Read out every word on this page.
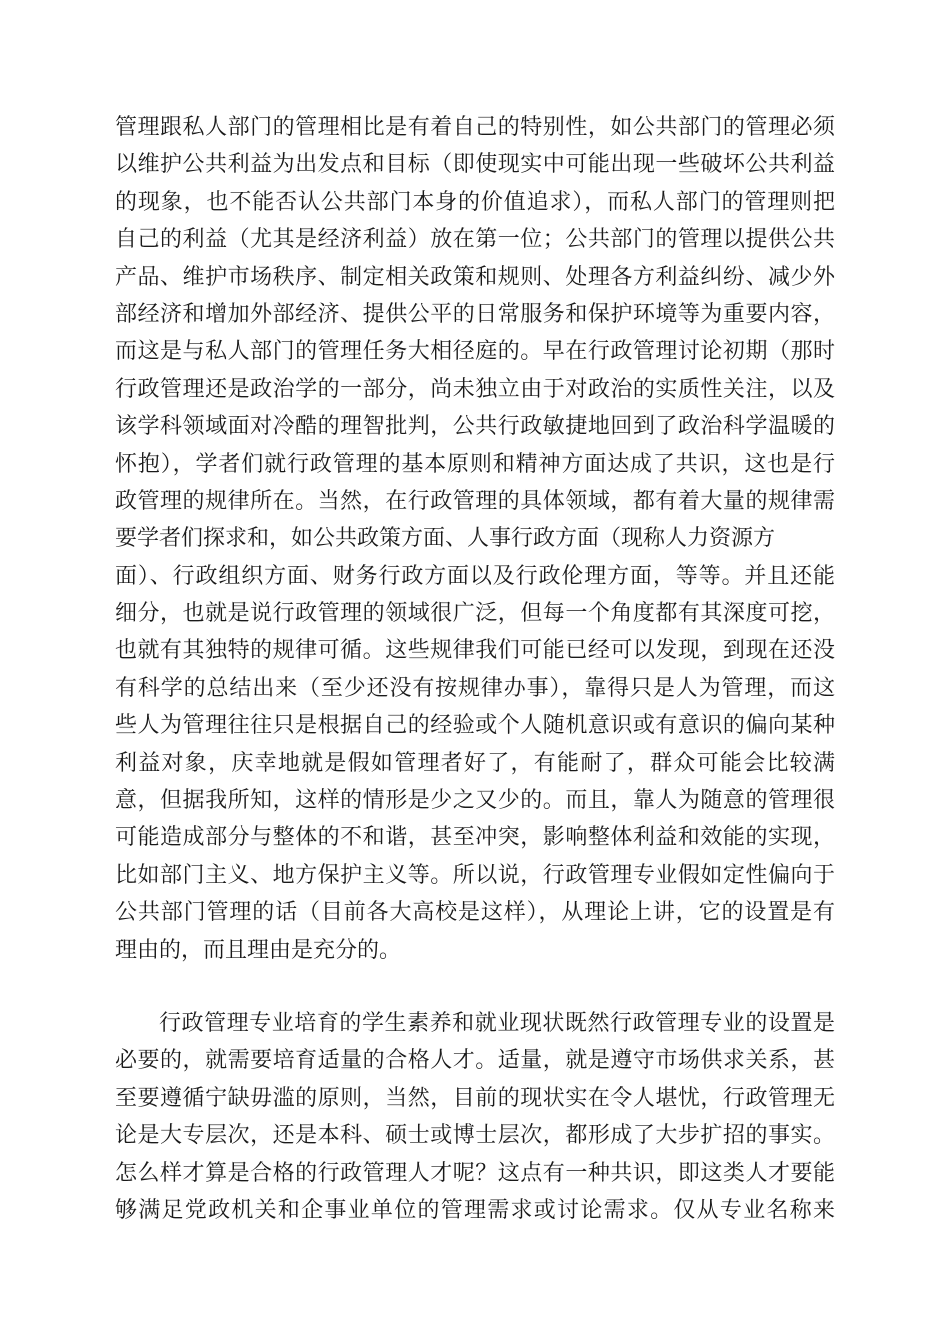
管理跟私人部门的管理相比是有着自己的特别性，如公共部门的管理必须
以维护公共利益为出发点和目标（即使现实中可能出现一些破坏公共利益
的现象，也不能否认公共部门本身的价值追求），而私人部门的管理则把
自己的利益（尤其是经济利益）放在第一位；公共部门的管理以提供公共
产品、维护市场秩序、制定相关政策和规则、处理各方利益纠纷、减少外
部经济和增加外部经济、提供公平的日常服务和保护环境等为重要内容，
而这是与私人部门的管理任务大相径庭的。早在行政管理讨论初期（那时
行政管理还是政治学的一部分，尚未独立由于对政治的实质性关注，以及
该学科领域面对冷酷的理智批判，公共行政敏捷地回到了政治科学温暖的
怀抱），学者们就行政管理的基本原则和精神方面达成了共识，这也是行
政管理的规律所在。当然，在行政管理的具体领域，都有着大量的规律需
要学者们探求和，如公共政策方面、人事行政方面（现称人力资源方
面）、行政组织方面、财务行政方面以及行政伦理方面，等等。并且还能
细分，也就是说行政管理的领域很广泛，但每一个角度都有其深度可挖，
也就有其独特的规律可循。这些规律我们可能已经可以发现，到现在还没
有科学的总结出来（至少还没有按规律办事），靠得只是人为管理，而这
些人为管理往往只是根据自己的经验或个人随机意识或有意识的偏向某种
利益对象，庆幸地就是假如管理者好了，有能耐了，群众可能会比较满
意，但据我所知，这样的情形是少之又少的。而且，靠人为随意的管理很
可能造成部分与整体的不和谐，甚至冲突，影响整体利益和效能的实现，
比如部门主义、地方保护主义等。所以说，行政管理专业假如定性偏向于
公共部门管理的话（目前各大高校是这样），从理论上讲，它的设置是有
理由的，而且理由是充分的。
行政管理专业培育的学生素养和就业现状既然行政管理专业的设置是
必要的，就需要培育适量的合格人才。适量，就是遵守市场供求关系，甚
至要遵循宁缺毋滥的原则，当然，目前的现状实在令人堪忧，行政管理无
论是大专层次，还是本科、硕士或博士层次，都形成了大步扩招的事实。
怎么样才算是合格的行政管理人才呢？这点有一种共识，即这类人才要能
够满足党政机关和企事业单位的管理需求或讨论需求。仅从专业名称来
